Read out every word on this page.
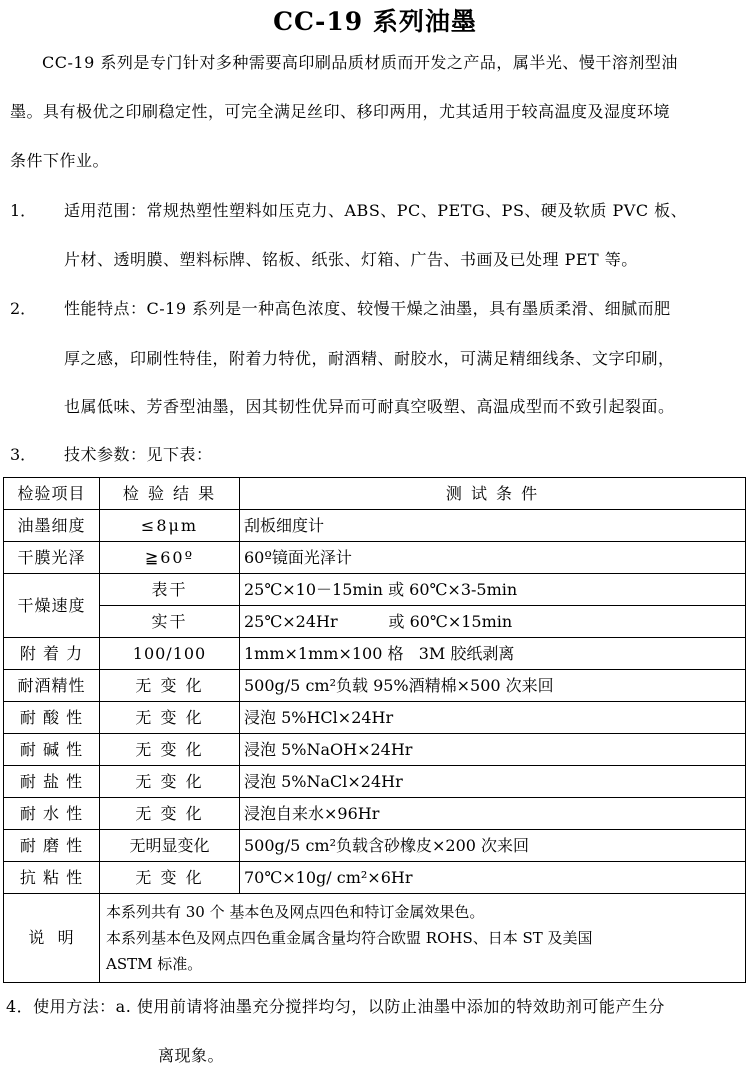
CC-19 系列油墨
CC-19 系列是专门针对多种需要高印刷品质材质而开发之产品，属半光、慢干溶剂型油
墨。具有极优之印刷稳定性，可完全满足丝印、移印两用，尤其适用于较高温度及湿度环境
条件下作业。
1． 适用范围：常规热塑性塑料如压克力、ABS、PC、PETG、PS、硬及软质 PVC 板、
片材、透明膜、塑料标牌、铭板、纸张、灯箱、广告、书画及已处理 PET 等。
2． 性能特点：C-19 系列是一种高色浓度、较慢干燥之油墨，具有墨质柔滑、细腻而肥
厚之感，印刷性特佳，附着力特优，耐酒精、耐胶水，可满足精细线条、文字印刷，
也属低味、芳香型油墨，因其韧性优异而可耐真空吸塑、高温成型而不致引起裂面。
3． 技术参数：见下表：
检验项目	检 验 结 果	测 试 条 件
油墨细度	≤8μm	刮板细度计
干膜光泽	≧60º	60º镜面光泽计
干燥速度	表干	25℃×10－15min 或 60℃×3-5min
	实干	25℃×24Hr          或 60℃×15min
附 着 力	100/100	1mm×1mm×100 格   3M 胶纸剥离
耐酒精性	无 变 化	500g/5 cm²负载 95%酒精棉×500 次来回
耐 酸 性	无 变 化	浸泡 5%HCl×24Hr
耐 碱 性	无 变 化	浸泡 5%NaOH×24Hr
耐 盐 性	无 变 化	浸泡 5%NaCl×24Hr
耐 水 性	无 变 化	浸泡自来水×96Hr
耐 磨 性	无明显变化	500g/5 cm²负载含砂橡皮×200 次来回
抗 粘 性	无 变 化	70℃×10g/ cm²×6Hr
说  明	本系列共有 30 个 基本色及网点四色和特订金属效果色。
本系列基本色及网点四色重金属含量均符合欧盟 ROHS、日本 ST 及美国
ASTM 标准。	
4．使用方法：a. 使用前请将油墨充分搅拌均匀，以防止油墨中添加的特效助剂可能产生分
离现象。
